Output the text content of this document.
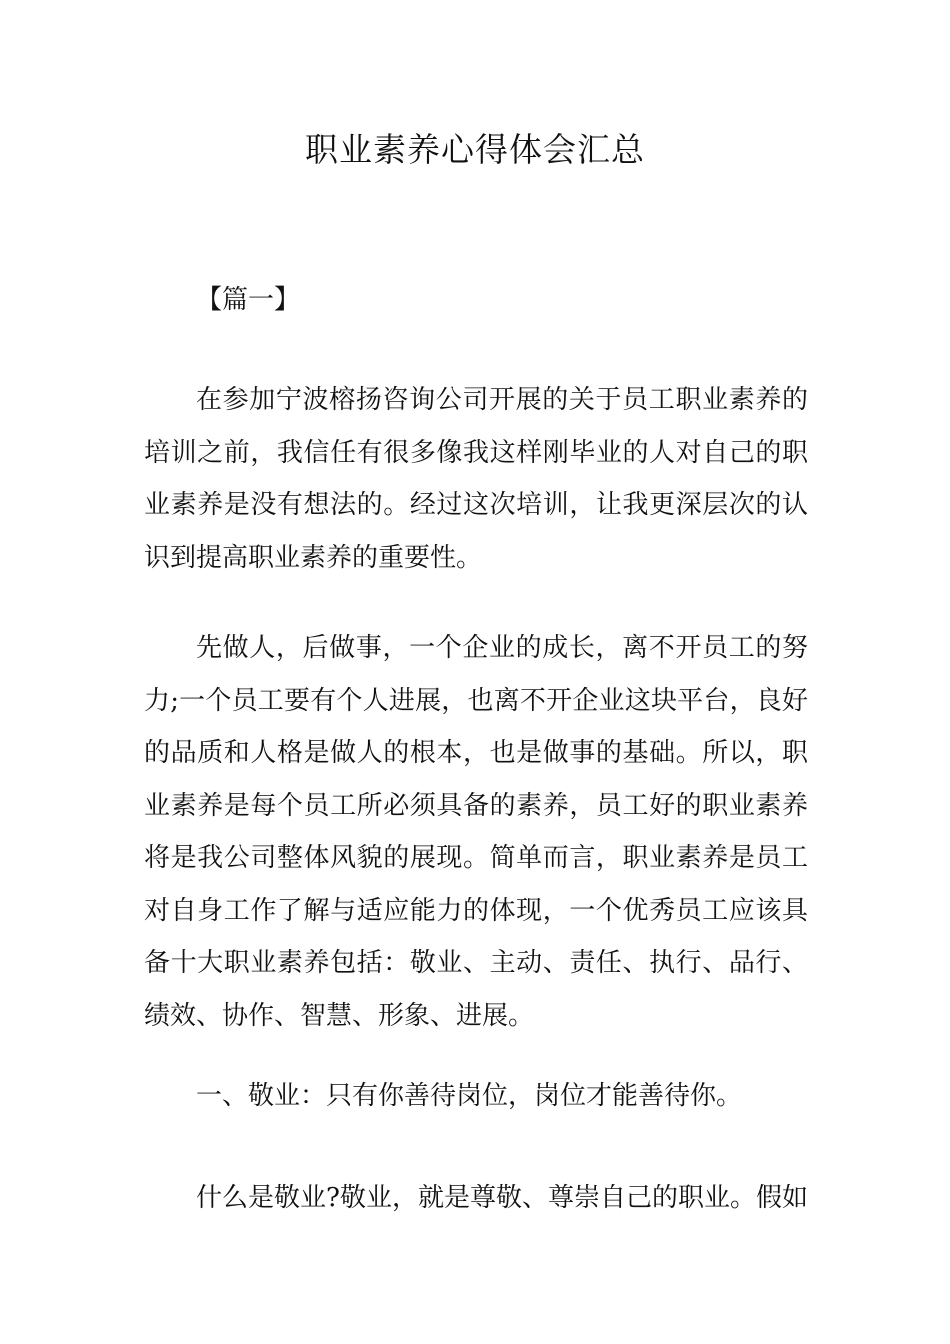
职业素养心得体会汇总

【篇一】

在参加宁波榕扬咨询公司开展的关于员工职业素养的培训之前，我信任有很多像我这样刚毕业的人对自己的职业素养是没有想法的。经过这次培训，让我更深层次的认识到提高职业素养的重要性。

先做人，后做事，一个企业的成长，离不开员工的努力;一个员工要有个人进展，也离不开企业这块平台，良好的品质和人格是做人的根本，也是做事的基础。所以，职业素养是每个员工所必须具备的素养，员工好的职业素养将是我公司整体风貌的展现。简单而言，职业素养是员工对自身工作了解与适应能力的体现，一个优秀员工应该具备十大职业素养包括：敬业、主动、责任、执行、品行、绩效、协作、智慧、形象、进展。

一、敬业：只有你善待岗位，岗位才能善待你。

什么是敬业?敬业，就是尊敬、尊崇自己的职业。假如
